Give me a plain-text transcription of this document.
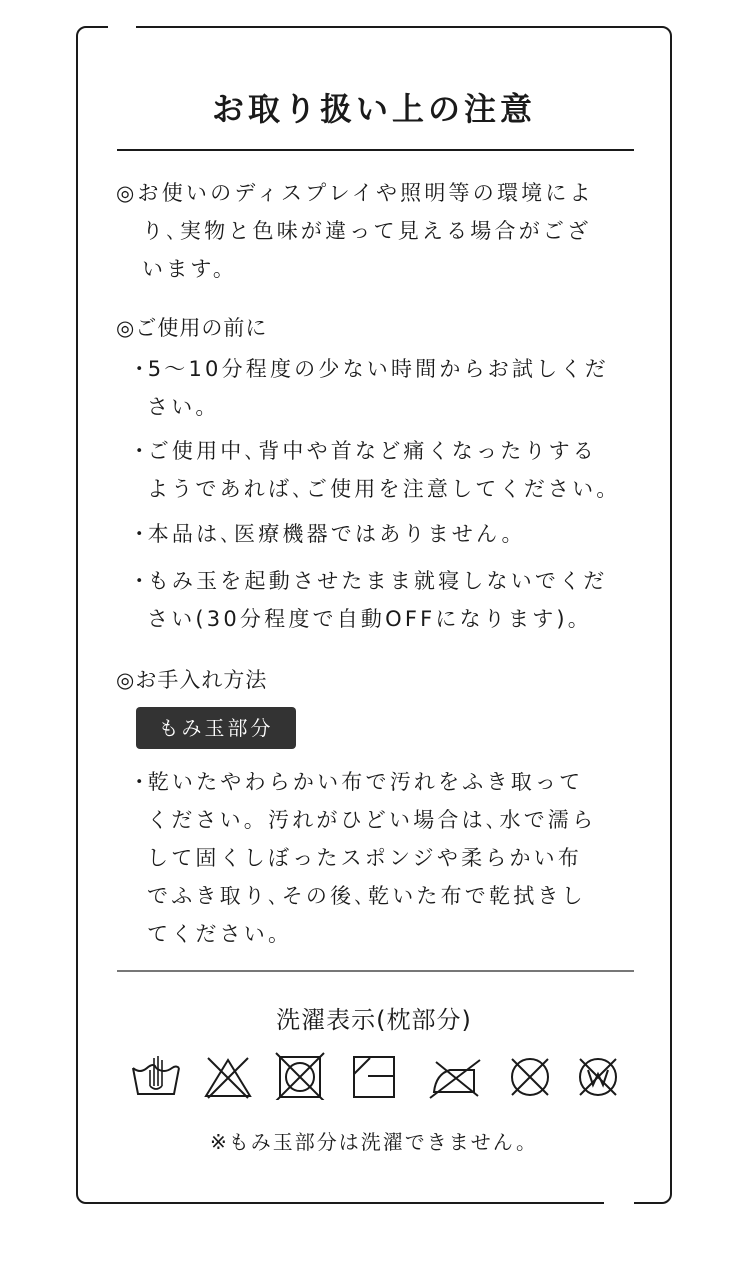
お取り扱い上の注意
◎お使いのディスプレイや照明等の環境によ
り､実物と色味が違って見える場合がござ
います。
◎ご使用の前に
･5～10分程度の少ない時間からお試しくだ
さい。
･ご使用中､背中や首など痛くなったりする
ようであれば､ご使用を注意してください。
･本品は､医療機器ではありません。
･もみ玉を起動させたまま就寝しないでくだ
さい(30分程度で自動OFFになります)。
◎お手入れ方法
もみ玉部分
･乾いたやわらかい布で汚れをふき取って
ください。汚れがひどい場合は､水で濡ら
して固くしぼったスポンジや柔らかい布
でふき取り､その後､乾いた布で乾拭きし
てください。
洗濯表示(枕部分)
※もみ玉部分は洗濯できません。
